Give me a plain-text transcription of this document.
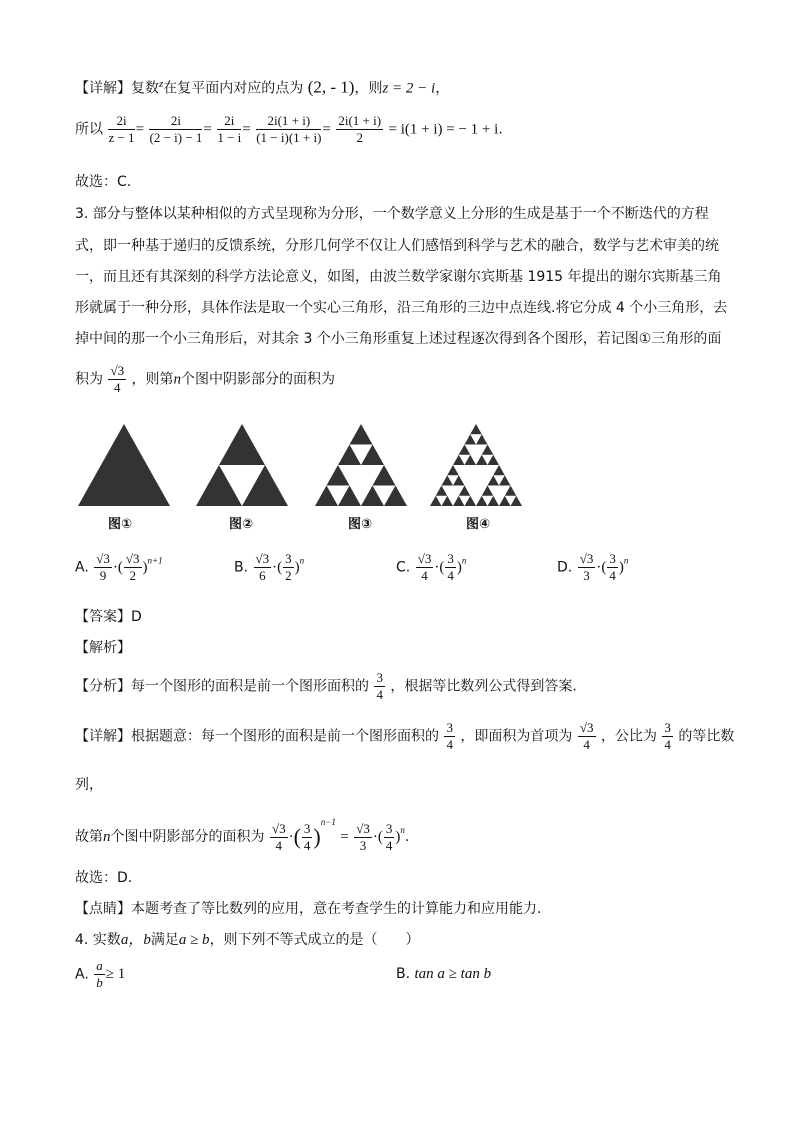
【详解】复数$^z$在复平面内对应的点为 (2, - 1)，则z = 2 − i，
所以 $\frac{2i}{z - 1} = \frac{2i}{(2 - i) - 1} = \frac{2i}{1 - i} = \frac{2i(1 + i)}{(1 - i)(1 + i)} = \frac{2i(1 + i)}{2} = i(1 + i)$ = − 1 + i.
故选：C.
3. 部分与整体以某种相似的方式呈现称为分形，一个数学意义上分形的生成是基于一个不断迭代的方程
式，即一种基于递归的反馈系统，分形几何学不仅让人们感悟到科学与艺术的融合，数学与艺术审美的统
一，而且还有其深刻的科学方法论意义，如图，由波兰数学家谢尔宾斯基 1915 年提出的谢尔宾斯基三角
形就属于一种分形，具体作法是取一个实心三角形，沿三角形的三边中点连线.将它分成 4 个小三角形，去
掉中间的那一个小三角形后，对其余 3 个小三角形重复上述过程逐次得到各个图形，若记图①三角形的面
积为 $\frac{√3}{4}$ ，则第n个图中阴影部分的面积为
图①	图②	图③	图④
A. $\frac{√3}{9}$ ·( $\frac{√3}{2} )^{n+1}$	B. $\frac{√3}{6}$ ·( $\frac{3}{2} )^n$	C. $\frac{√3}{4}$ ·( $\frac{3}{4} )^n$	D. $\frac{√3}{3}$ ·( $\frac{3}{4} )^n$
【答案】D
【解析】
【分析】每一个图形的面积是前一个图形面积的 $\frac{3}{4}$ ，根据等比数列公式得到答案.
【详解】根据题意：每一个图形的面积是前一个图形面积的 $\frac{3}{4}$ ，即面积为首项为 $\frac{√3}{4}$ ，公比为 $\frac{3}{4}$ 的等比数
列，
故第n个图中阴影部分的面积为 $\frac{√3}{4}$ ·( $\frac{3}{4} )^{n-1} = \frac{√3}{3}$ ·( $\frac{3}{4} )^n$.
故选：D.
【点睛】本题考查了等比数列的应用，意在考查学生的计算能力和应用能力.
4. 实数a，b满足a ≥ b，则下列不等式成立的是（　　）
A. $\frac{a}{b} \ge 1$	B. tan a ≥ tan b
